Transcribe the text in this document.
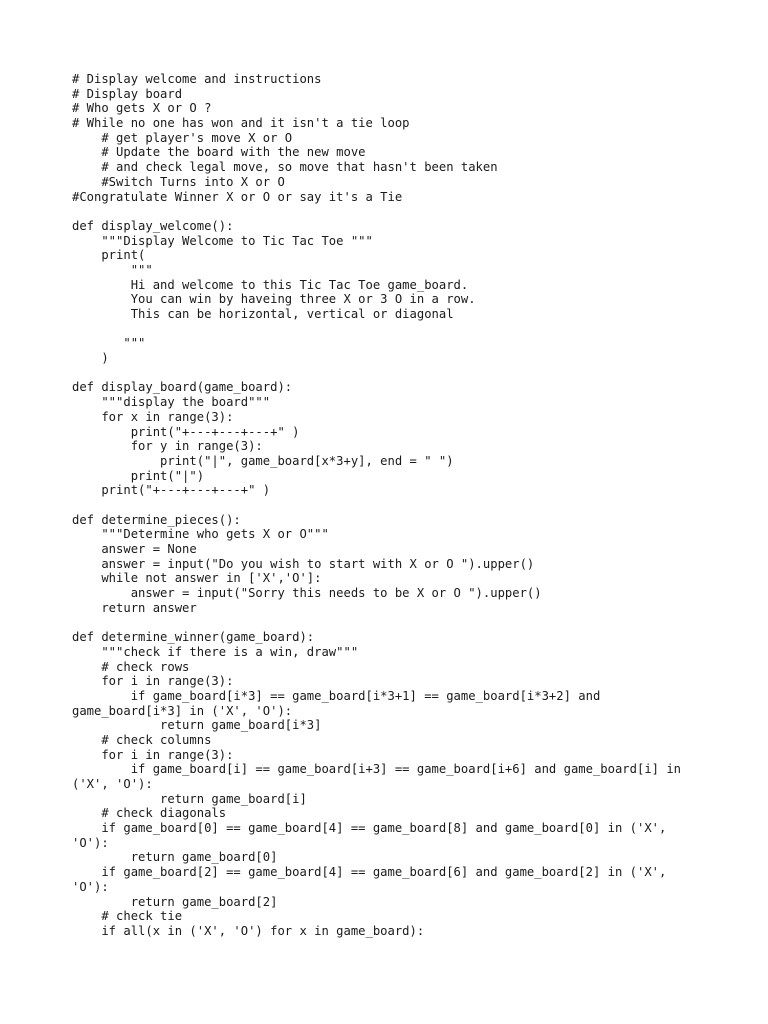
# Display welcome and instructions
# Display board
# Who gets X or O ?
# While no one has won and it isn't a tie loop
# get player's move X or O
# Update the board with the new move
# and check legal move, so move that hasn't been taken
#Switch Turns into X or O
#Congratulate Winner X or O or say it's a Tie
def display_welcome():
"""Display Welcome to Tic Tac Toe """
print(
"""
Hi and welcome to this Tic Tac Toe game_board.
You can win by haveing three X or 3 O in a row.
This can be horizontal, vertical or diagonal
"""
)
def display_board(game_board):
"""display the board"""
for x in range(3):
print("+---+---+---+" )
for y in range(3):
print("|", game_board[x*3+y], end = " ")
print("|")
print("+---+---+---+" )
def determine_pieces():
"""Determine who gets X or O"""
answer = None
answer = input("Do you wish to start with X or O ").upper()
while not answer in ['X','O']:
answer = input("Sorry this needs to be X or O ").upper()
return answer
def determine_winner(game_board):
"""check if there is a win, draw"""
# check rows
for i in range(3):
if game_board[i*3] == game_board[i*3+1] == game_board[i*3+2] and
game_board[i*3] in ('X', 'O'):
return game_board[i*3]
# check columns
for i in range(3):
if game_board[i] == game_board[i+3] == game_board[i+6] and game_board[i] in
('X', 'O'):
return game_board[i]
# check diagonals
if game_board[0] == game_board[4] == game_board[8] and game_board[0] in ('X',
'O'):
return game_board[0]
if game_board[2] == game_board[4] == game_board[6] and game_board[2] in ('X',
'O'):
return game_board[2]
# check tie
if all(x in ('X', 'O') for x in game_board):
